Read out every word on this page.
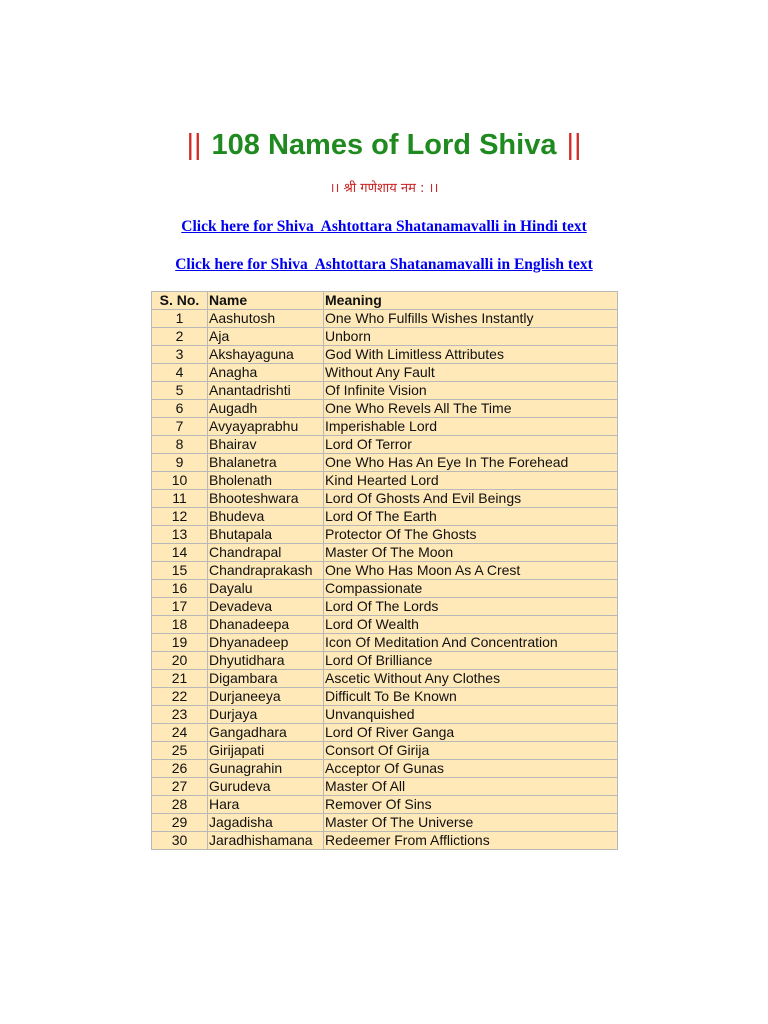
|| 108 Names of Lord Shiva ||
।। श्री गणेशाय नम : ।।
Click here for Shiva  Ashtottara Shatanamavalli in Hindi text
Click here for Shiva  Ashtottara Shatanamavalli in English text
S. No.	Name	Meaning
1	Aashutosh	One Who Fulfills Wishes Instantly
2	Aja	Unborn
3	Akshayaguna	God With Limitless Attributes
4	Anagha	Without Any Fault
5	Anantadrishti	Of Infinite Vision
6	Augadh	One Who Revels All The Time
7	Avyayaprabhu	Imperishable Lord
8	Bhairav	Lord Of Terror
9	Bhalanetra	One Who Has An Eye In The Forehead
10	Bholenath	Kind Hearted Lord
11	Bhooteshwara	Lord Of Ghosts And Evil Beings
12	Bhudeva	Lord Of The Earth
13	Bhutapala	Protector Of The Ghosts
14	Chandrapal	Master Of The Moon
15	Chandraprakash	One Who Has Moon As A Crest
16	Dayalu	Compassionate
17	Devadeva	Lord Of The Lords
18	Dhanadeepa	Lord Of Wealth
19	Dhyanadeep	Icon Of Meditation And Concentration
20	Dhyutidhara	Lord Of Brilliance
21	Digambara	Ascetic Without Any Clothes
22	Durjaneeya	Difficult To Be Known
23	Durjaya	Unvanquished
24	Gangadhara	Lord Of River Ganga
25	Girijapati	Consort Of Girija
26	Gunagrahin	Acceptor Of Gunas
27	Gurudeva	Master Of All
28	Hara	Remover Of Sins
29	Jagadisha	Master Of The Universe
30	Jaradhishamana	Redeemer From Afflictions
